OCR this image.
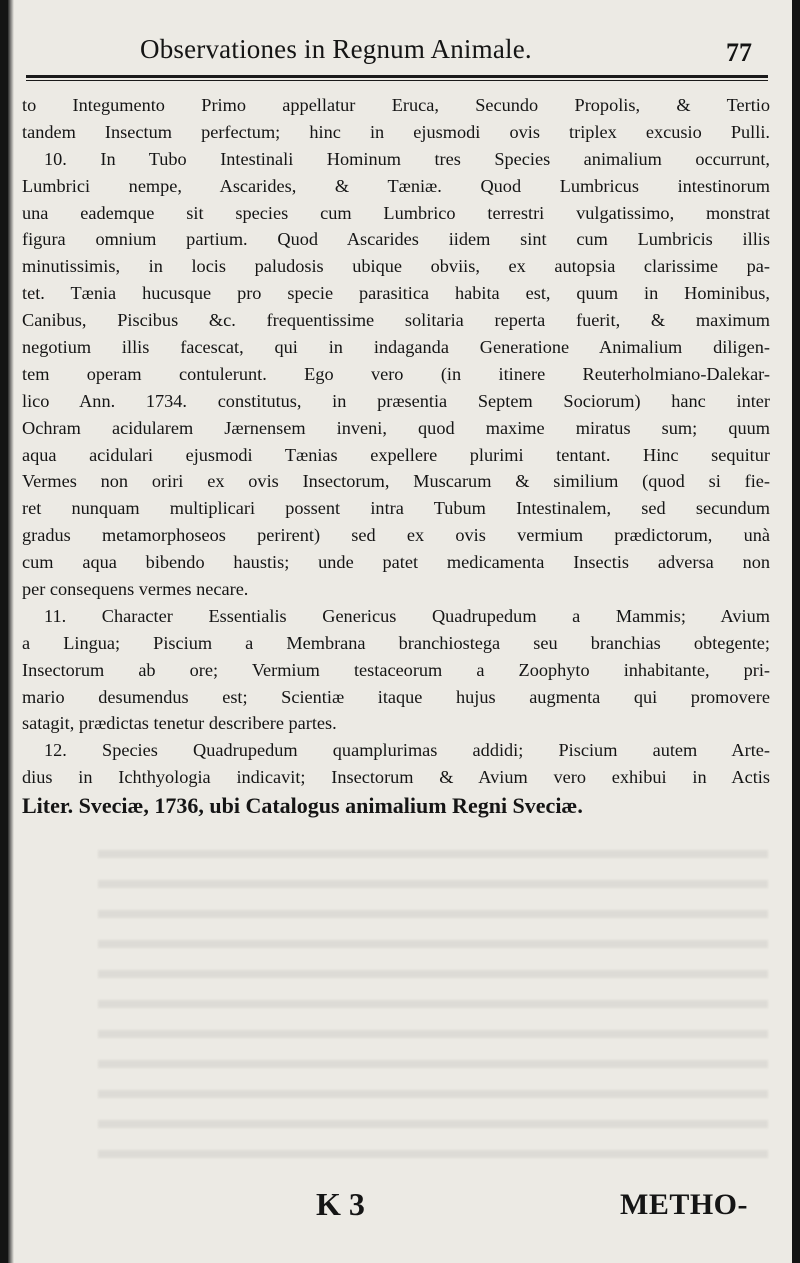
Observationes in Regnum Animale.	77
to Integumento Primo appellatur Eruca, Secundo Propolis, & Tertio
tandem Insectum perfectum; hinc in ejusmodi ovis triplex excusio Pulli.
10. In Tubo Intestinali Hominum tres Species animalium occurrunt,
Lumbrici nempe, Ascarides, & Tæniæ. Quod Lumbricus intestinorum
una eademque sit species cum Lumbrico terrestri vulgatissimo, monstrat
figura omnium partium. Quod Ascarides iidem sint cum Lumbricis illis
minutissimis, in locis paludosis ubique obviis, ex autopsia clarissime pa-
tet. Tænia hucusque pro specie parasitica habita est, quum in Hominibus,
Canibus, Piscibus &c. frequentissime solitaria reperta fuerit, & maximum
negotium illis facescat, qui in indaganda Generatione Animalium diligen-
tem operam contulerunt. Ego vero (in itinere Reuterholmiano-Dalekar-
lico Ann. 1734. constitutus, in præsentia Septem Sociorum) hanc inter
Ochram acidularem Jærnensem inveni, quod maxime miratus sum; quum
aqua acidulari ejusmodi Tænias expellere plurimi tentant. Hinc sequitur
Vermes non oriri ex ovis Insectorum, Muscarum & similium (quod si fie-
ret nunquam multiplicari possent intra Tubum Intestinalem, sed secundum
gradus metamorphoseos perirent) sed ex ovis vermium prædictorum, unà
cum aqua bibendo haustis; unde patet medicamenta Insectis adversa non
per consequens vermes necare.
11. Character Essentialis Genericus Quadrupedum a Mammis; Avium
a Lingua; Piscium a Membrana branchiostega seu branchias obtegente;
Insectorum ab ore; Vermium testaceorum a Zoophyto inhabitante, pri-
mario desumendus est; Scientiæ itaque hujus augmenta qui promovere
satagit, prædictas tenetur describere partes.
12. Species Quadrupedum quamplurimas addidi; Piscium autem Arte-
dius in Ichthyologia indicavit; Insectorum & Avium vero exhibui in Actis
Liter. Sveciæ, 1736, ubi Catalogus animalium Regni Sveciæ.
K 3	METHO-
